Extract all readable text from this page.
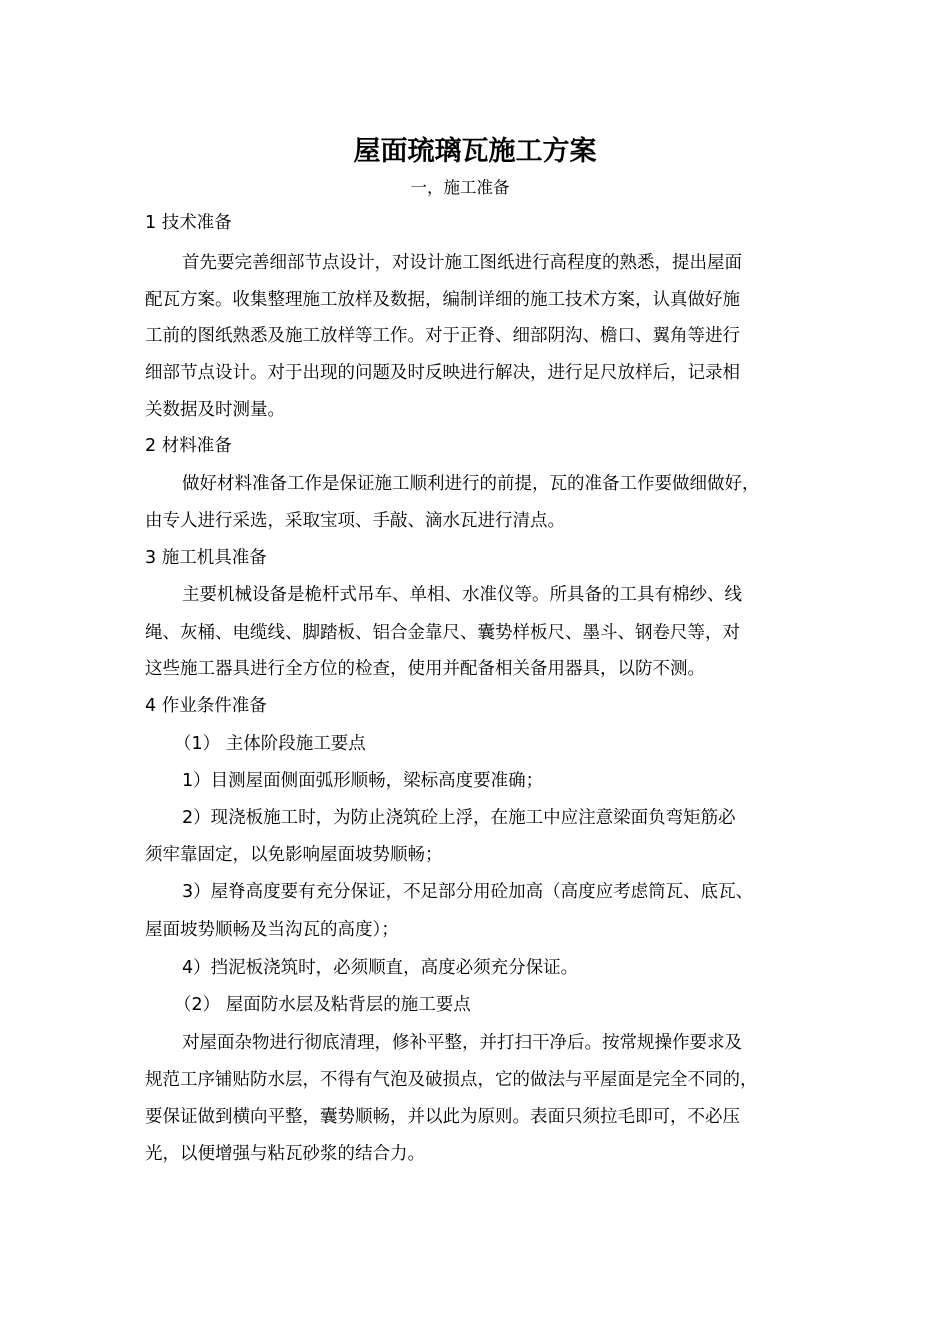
屋面琉璃瓦施工方案
一，施工准备
1 技术准备
首先要完善细部节点设计，对设计施工图纸进行高程度的熟悉，提出屋面
配瓦方案。收集整理施工放样及数据，编制详细的施工技术方案，认真做好施
工前的图纸熟悉及施工放样等工作。对于正脊、细部阴沟、檐口、翼角等进行
细部节点设计。对于出现的问题及时反映进行解决，进行足尺放样后，记录相
关数据及时测量。
2 材料准备
做好材料准备工作是保证施工顺利进行的前提，瓦的准备工作要做细做好，
由专人进行采选，采取宝项、手敲、滴水瓦进行清点。
3 施工机具准备
主要机械设备是桅杆式吊车、单相、水准仪等。所具备的工具有棉纱、线
绳、灰桶、电缆线、脚踏板、铝合金靠尺、囊势样板尺、墨斗、钢卷尺等，对
这些施工器具进行全方位的检查，使用并配备相关备用器具，以防不测。
4 作业条件准备
（1） 主体阶段施工要点
1）目测屋面侧面弧形顺畅，梁标高度要准确；
2）现浇板施工时，为防止浇筑砼上浮，在施工中应注意梁面负弯矩筋必
须牢靠固定，以免影响屋面坡势顺畅；
3）屋脊高度要有充分保证，不足部分用砼加高（高度应考虑筒瓦、底瓦、
屋面坡势顺畅及当沟瓦的高度）；
4）挡泥板浇筑时，必须顺直，高度必须充分保证。
（2） 屋面防水层及粘背层的施工要点
对屋面杂物进行彻底清理，修补平整，并打扫干净后。按常规操作要求及
规范工序铺贴防水层，不得有气泡及破损点，它的做法与平屋面是完全不同的，
要保证做到横向平整，囊势顺畅，并以此为原则。表面只须拉毛即可，不必压
光，以便增强与粘瓦砂浆的结合力。
